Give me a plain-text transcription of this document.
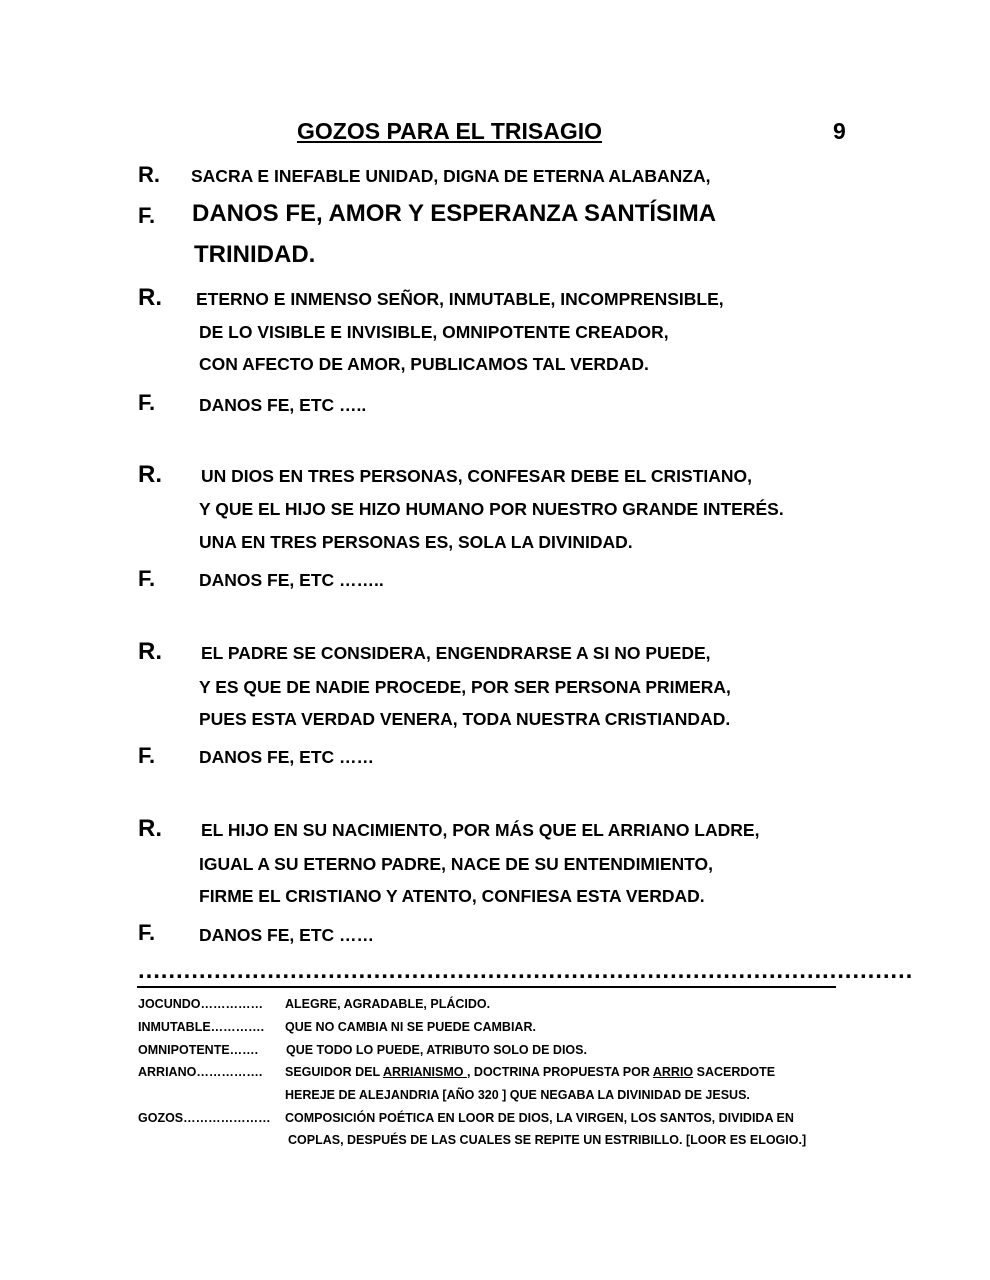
GOZOS PARA EL TRISAGIO	9
R. SACRA E INEFABLE UNIDAD, DIGNA DE ETERNA ALABANZA,
F. DANOS FE, AMOR Y ESPERANZA SANTÍSIMA
TRINIDAD.
R. ETERNO E INMENSO SEÑOR, INMUTABLE, INCOMPRENSIBLE,
DE LO VISIBLE E INVISIBLE, OMNIPOTENTE CREADOR,
CON AFECTO DE AMOR, PUBLICAMOS TAL VERDAD.
F.	DANOS FE, ETC …..
R. UN DIOS EN TRES PERSONAS, CONFESAR DEBE EL CRISTIANO,
Y QUE EL HIJO SE HIZO HUMANO POR NUESTRO GRANDE INTERÉS.
UNA EN TRES PERSONAS ES, SOLA LA DIVINIDAD.
F.	DANOS FE, ETC ……..
R. EL PADRE SE CONSIDERA, ENGENDRARSE A SI NO PUEDE,
Y ES QUE DE NADIE PROCEDE, POR SER PERSONA PRIMERA,
PUES ESTA VERDAD VENERA, TODA NUESTRA CRISTIANDAD.
F.	DANOS FE, ETC ……
R. EL HIJO EN SU NACIMIENTO, POR MÁS QUE EL ARRIANO LADRE,
IGUAL A SU ETERNO PADRE, NACE DE SU ENTENDIMIENTO,
FIRME EL CRISTIANO Y ATENTO, CONFIESA ESTA VERDAD.
F.	DANOS FE, ETC ……
…………………………………………………………………………………………
JOCUNDO…………… ALEGRE, AGRADABLE, PLÁCIDO.
INMUTABLE…………. QUE NO CAMBIA NI SE PUEDE CAMBIAR.
OMNIPOTENTE……. QUE TODO LO PUEDE, ATRIBUTO SOLO DE DIOS.
ARRIANO……………. SEGUIDOR DEL ARRIANISMO , DOCTRINA PROPUESTA POR ARRIO SACERDOTE
HEREJE DE ALEJANDRIA [AÑO 320 ] QUE NEGABA LA DIVINIDAD DE JESUS.
GOZOS………………… COMPOSICIÓN POÉTICA EN LOOR DE DIOS, LA VIRGEN, LOS SANTOS, DIVIDIDA EN
COPLAS, DESPUÉS DE LAS CUALES SE REPITE UN ESTRIBILLO. [LOOR ES ELOGIO.]
